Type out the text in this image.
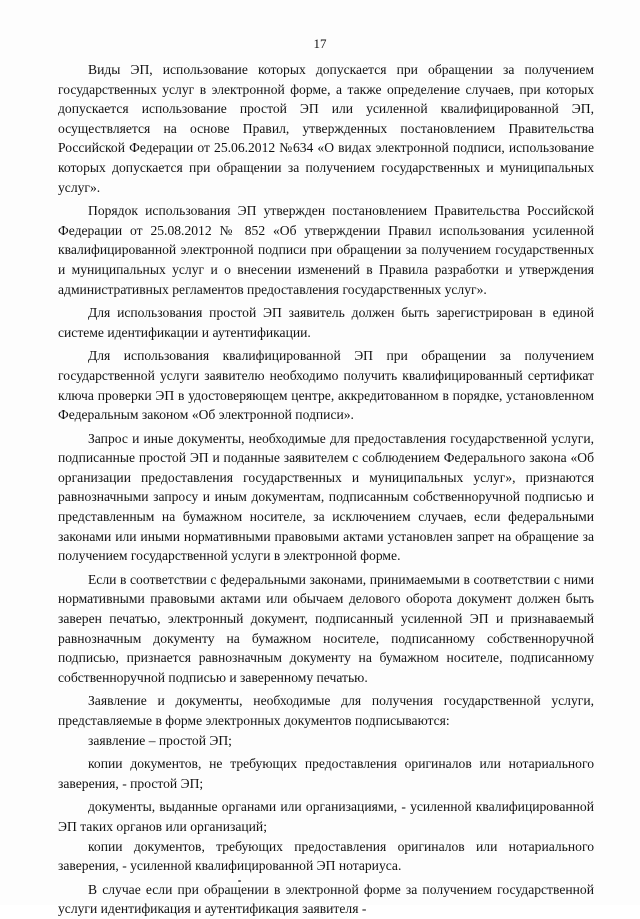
17

Виды ЭП, использование которых допускается при обращении за получением государственных услуг в электронной форме, а также определение случаев, при которых допускается использование простой ЭП или усиленной квалифицированной ЭП, осуществляется на основе Правил, утвержденных постановлением Правительства Российской Федерации от 25.06.2012 №634 «О видах электронной подписи, использование которых допускается при обращении за получением государственных и муниципальных услуг».

Порядок использования ЭП утвержден постановлением Правительства Российской Федерации от 25.08.2012 № 852 «Об утверждении Правил использования усиленной квалифицированной электронной подписи при обращении за получением государственных и муниципальных услуг и о внесении изменений в Правила разработки и утверждения административных регламентов предоставления государственных услуг».

Для использования простой ЭП заявитель должен быть зарегистрирован в единой системе идентификации и аутентификации.

Для использования квалифицированной ЭП при обращении за получением государственной услуги заявителю необходимо получить квалифицированный сертификат ключа проверки ЭП в удостоверяющем центре, аккредитованном в порядке, установленном Федеральным законом «Об электронной подписи».

Запрос и иные документы, необходимые для предоставления государственной услуги, подписанные простой ЭП и поданные заявителем с соблюдением Федерального закона «Об организации предоставления государственных и муниципальных услуг», признаются равнозначными запросу и иным документам, подписанным собственноручной подписью и представленным на бумажном носителе, за исключением случаев, если федеральными законами или иными нормативными правовыми актами установлен запрет на обращение за получением государственной услуги в электронной форме.

Если в соответствии с федеральными законами, принимаемыми в соответствии с ними нормативными правовыми актами или обычаем делового оборота документ должен быть заверен печатью, электронный документ, подписанный усиленной ЭП и признаваемый равнозначным документу на бумажном носителе, подписанному собственноручной подписью, признается равнозначным документу на бумажном носителе, подписанному собственноручной подписью и заверенному печатью.

Заявление и документы, необходимые для получения государственной услуги, представляемые в форме электронных документов подписываются:

заявление – простой ЭП;

копии документов, не требующих предоставления оригиналов или нотариального заверения, - простой ЭП;

документы, выданные органами или организациями, - усиленной квалифицированной ЭП таких органов или организаций;

копии документов, требующих предоставления оригиналов или нотариального заверения, - усиленной квалифицированной ЭП нотариуса.

В случае если при обращении в электронной форме за получением государственной услуги идентификация и аутентификация заявителя -
